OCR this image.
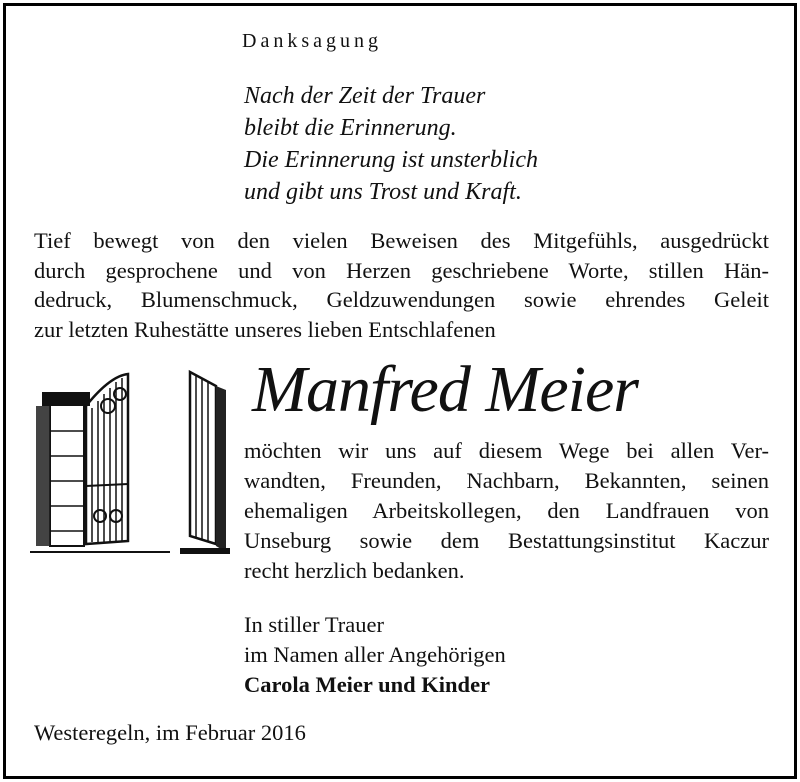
Danksagung
Nach der Zeit der Trauer
bleibt die Erinnerung.
Die Erinnerung ist unsterblich
und gibt uns Trost und Kraft.
Tief bewegt von den vielen Beweisen des Mitgefühls, ausgedrückt
durch gesprochene und von Herzen geschriebene Worte, stillen Hän-
dedruck, Blumenschmuck, Geldzuwendungen sowie ehrendes Geleit
zur letzten Ruhestätte unseres lieben Entschlafenen
Manfred Meier
möchten wir uns auf diesem Wege bei allen Ver-
wandten, Freunden, Nachbarn, Bekannten, seinen
ehemaligen Arbeitskollegen, den Landfrauen von
Unseburg sowie dem Bestattungsinstitut Kaczur
recht herzlich bedanken.
In stiller Trauer
im Namen aller Angehörigen
Carola Meier und Kinder
Westeregeln, im Februar 2016
